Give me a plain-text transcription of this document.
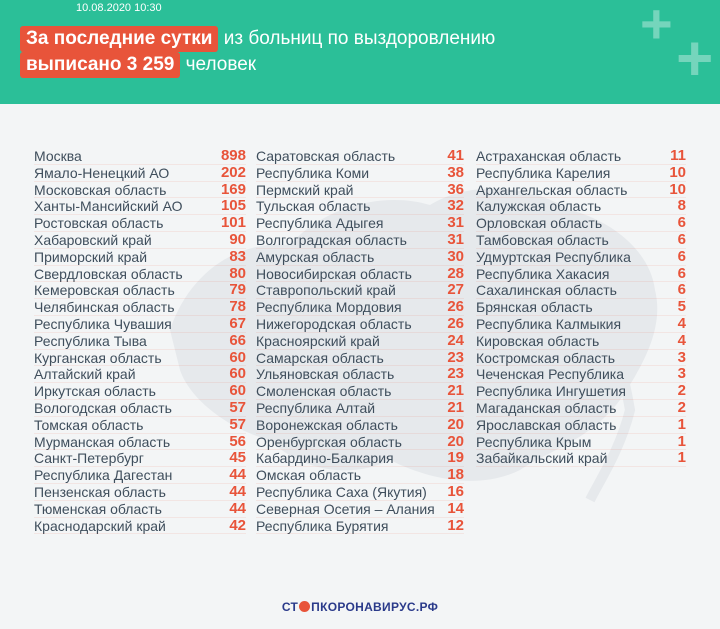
10.08.2020 10:30
За последние сутки из больниц по выздоровлению
выписано 3 259 человек
+ +
Москва	898
Ямало-Ненецкий АО	202
Московская область	169
Ханты-Мансийский АО	105
Ростовская область	101
Хабаровский край	90
Приморский край	83
Свердловская область	80
Кемеровская область	79
Челябинская область	78
Республика Чувашия	67
Республика Тыва	66
Курганская область	60
Алтайский край	60
Иркутская область	60
Вологодская область	57
Томская область	57
Мурманская область	56
Санкт-Петербург	45
Республика Дагестан	44
Пензенская область	44
Тюменская область	44
Краснодарский край	42
Саратовская область	41
Республика Коми	38
Пермский край	36
Тульская область	32
Республика Адыгея	31
Волгоградская область	31
Амурская область	30
Новосибирская область 28
Ставропольский край	27
Республика Мордовия	26
Нижегородская область 26
Красноярский край	24
Самарская область	23
Ульяновская область	23
Смоленская область	21
Республика Алтай	21
Воронежская область	20
Оренбургская область	20
Кабардино-Балкария	19
Омская область	18
Республика Саха (Якутия) 16
Северная Осетия – Алания 14
Республика Бурятия	12
Астраханская область	11
Республика Карелия	10
Архангельская область	10
Калужская область	8
Орловская область	6
Тамбовская область	6
Удмуртская Республика	6
Республика Хакасия	6
Сахалинская область	6
Брянская область	5
Республика Калмыкия	4
Кировская область	4
Костромская область	3
Чеченская Республика	3
Республика Ингушетия	2
Магаданская область	2
Ярославская область	1
Республика Крым	1
Забайкальский край	1
СТ ПКОРОНАВИРУС.РФ
